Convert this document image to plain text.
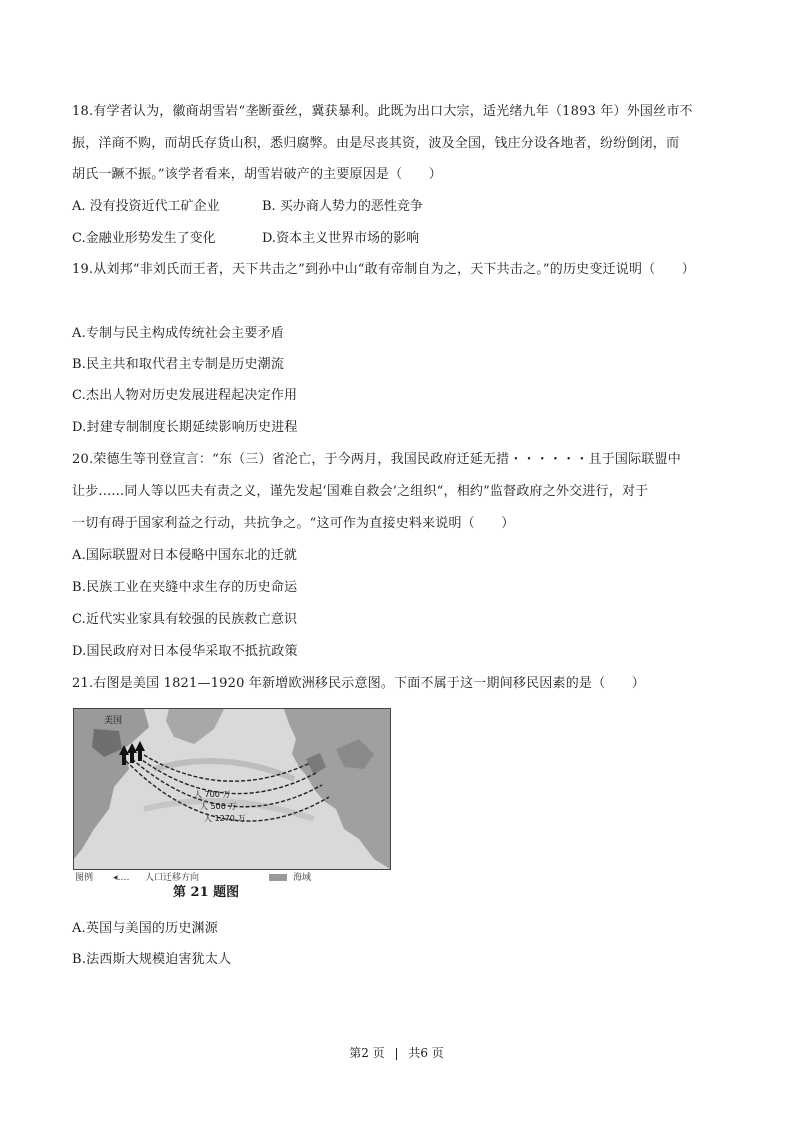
18.有学者认为，徽商胡雪岩“垄断蚕丝，冀获暴利。此既为出口大宗，适光绪九年（1893 年）外国丝市不
振，洋商不购，而胡氏存货山积，悉归腐弊。由是尽丧其资，波及全国，钱庄分设各地者，纷纷倒闭，而
胡氏一蹶不振。”该学者看来，胡雪岩破产的主要原因是（　　）
A. 没有投资近代工矿企业	B. 买办商人势力的恶性竞争
C.金融业形势发生了变化	D.资本主义世界市场的影响
19.从刘邦“非刘氏而王者，天下共击之”到孙中山“敢有帝制自为之，天下共击之。”的历史变迁说明（　　）
A.专制与民主构成传统社会主要矛盾
B.民主共和取代君主专制是历史潮流
C.杰出人物对历史发展进程起决定作用
D.封建专制制度长期延续影响历史进程
20.荣德生等刊登宣言：“东（三）省沦亡，于今两月，我国民政府迁延无措・・・・・・且于国际联盟中
让步......同人等以匹夫有责之义，谨先发起‘国难自救会’之组织“，相约”监督政府之外交进行，对于
一切有碍于国家利益之行动，共抗争之。“这可作为直接史料来说明（　　）
A.国际联盟对日本侵略中国东北的迁就
B.民族工业在夹缝中求生存的历史命运
C.近代实业家具有较强的民族救亡意识
D.国民政府对日本侵华采取不抵抗政策
21.右图是美国 1821—1920 年新增欧洲移民示意图。下面不属于这一期间移民因素的是（　　）
人 700 万
人 500 万
人 1270 万
美国
图例 ◂‥‥ 人口迁移方向	海域
第 21 题图
A.英国与美国的历史渊源
B.法西斯大规模迫害犹太人
第2 页 | 共6 页
